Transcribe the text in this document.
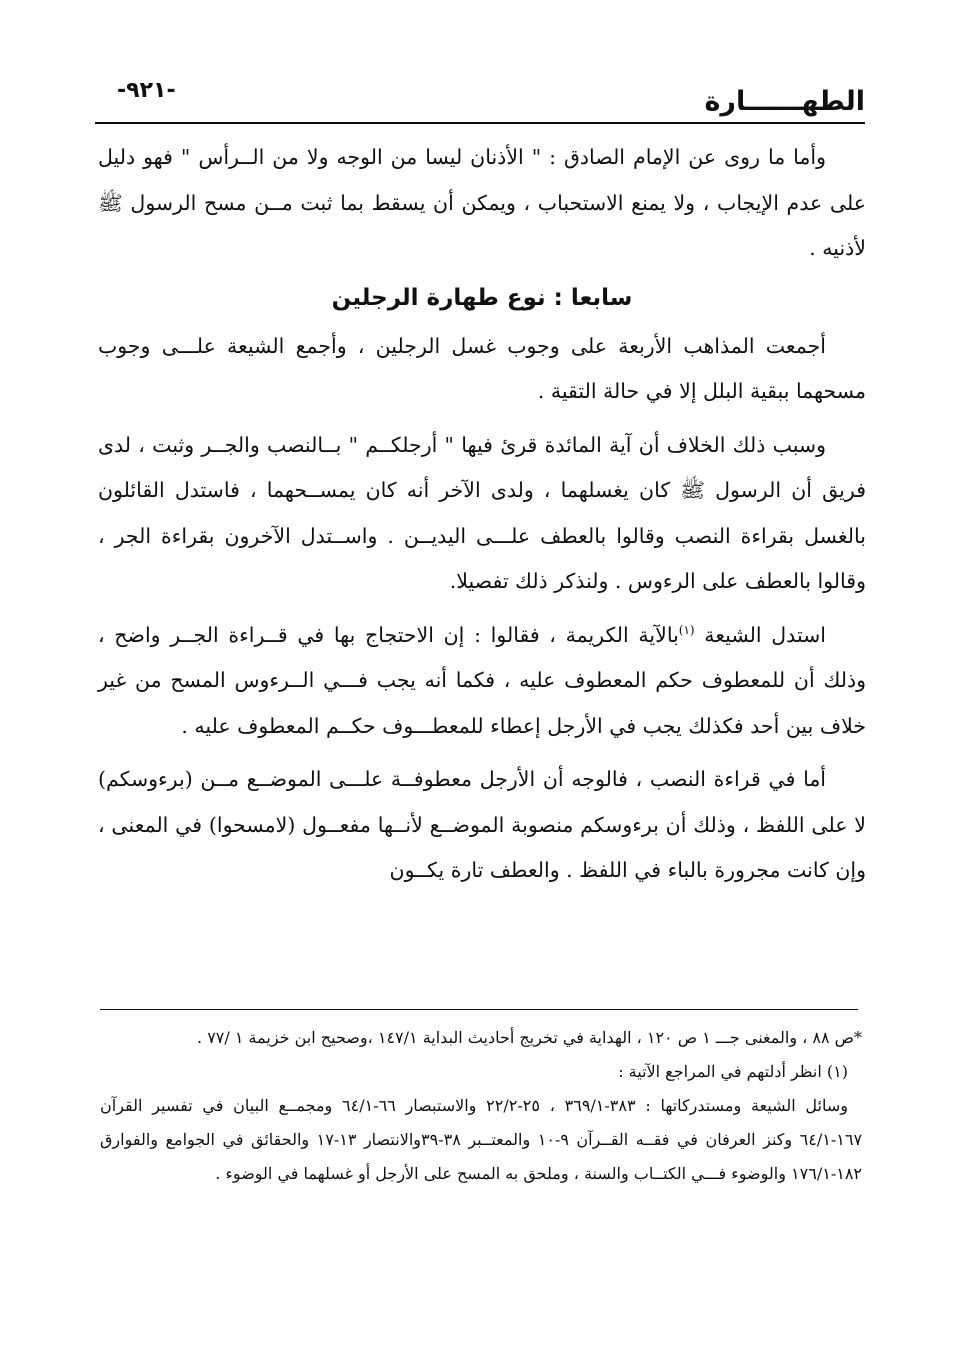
الطهــــــارة
-٩٢١-

وأما ما روى عن الإمام الصادق : " الأذنان ليسا من الوجه ولا من الــرأس " فهو دليل على عدم الإيجاب ، ولا يمنع الاستحباب ، ويمكن أن يسقط بما ثبت مــن مسح الرسول ﷺ لأذنيه .

سابعا : نوع طهارة الرجلين

أجمعت المذاهب الأربعة على وجوب غسل الرجلين ، وأجمع الشيعة علـــى وجوب مسحهما ببقية البلل إلا في حالة التقية .

وسبب ذلك الخلاف أن آية المائدة قرئ فيها " أرجلكــم " بــالنصب والجــر وثبت ، لدى فريق أن الرسول ﷺ كان يغسلهما ، ولدى الآخر أنه كان يمســحهما ، فاستدل القائلون بالغسل بقراءة النصب وقالوا بالعطف علـــى اليديــن . واســتدل الآخرون بقراءة الجر ، وقالوا بالعطف على الرءوس . ولنذكر ذلك تفصيلا.

استدل الشيعة $^{(١)}$بالآية الكريمة ، فقالوا : إن الاحتجاج بها في قــراءة الجــر واضح ، وذلك أن للمعطوف حكم المعطوف عليه ، فكما أنه يجب فـــي الــرءوس المسح من غير خلاف بين أحد فكذلك يجب في الأرجل إعطاء للمعطـــوف حكــم المعطوف عليه .

أما في قراءة النصب ، فالوجه أن الأرجل معطوفــة علـــى الموضــع مــن (برءوسكم) لا على اللفظ ، وذلك أن برءوسكم منصوبة الموضــع لأنــها مفعــول (لامسحوا) في المعنى ، وإن كانت مجرورة بالباء في اللفظ . والعطف تارة يكــون

*ص ٨٨ ، والمغنى جـــ ١ ص ١٢٠ ، الهداية في تخريج أحاديث البداية ١٤٧/١ ،وصحيح ابن خزيمة ١ /٧٧ .

(١) انظر أدلتهم في المراجع الآتية :

وسائل الشيعة ومستدركاتها : ٣٨٣-٣٦٩/١ ، ٢٥-٢٢/٢ والاستبصار ٦٦-٦٤/١ ومجمــع البيان في تفسير القرآن ١٦٧-٦٤/١ وكنز العرفان في فقــه القــرآن ٩-١٠ والمعتــبر ٣٨-٣٩والانتصار ١٣-١٧ والحقائق في الجوامع والفوارق ١٨٢-١٧٦/١ والوضوء فـــي الكتــاب والسنة ، وملحق به المسح على الأرجل أو غسلهما في الوضوء .
